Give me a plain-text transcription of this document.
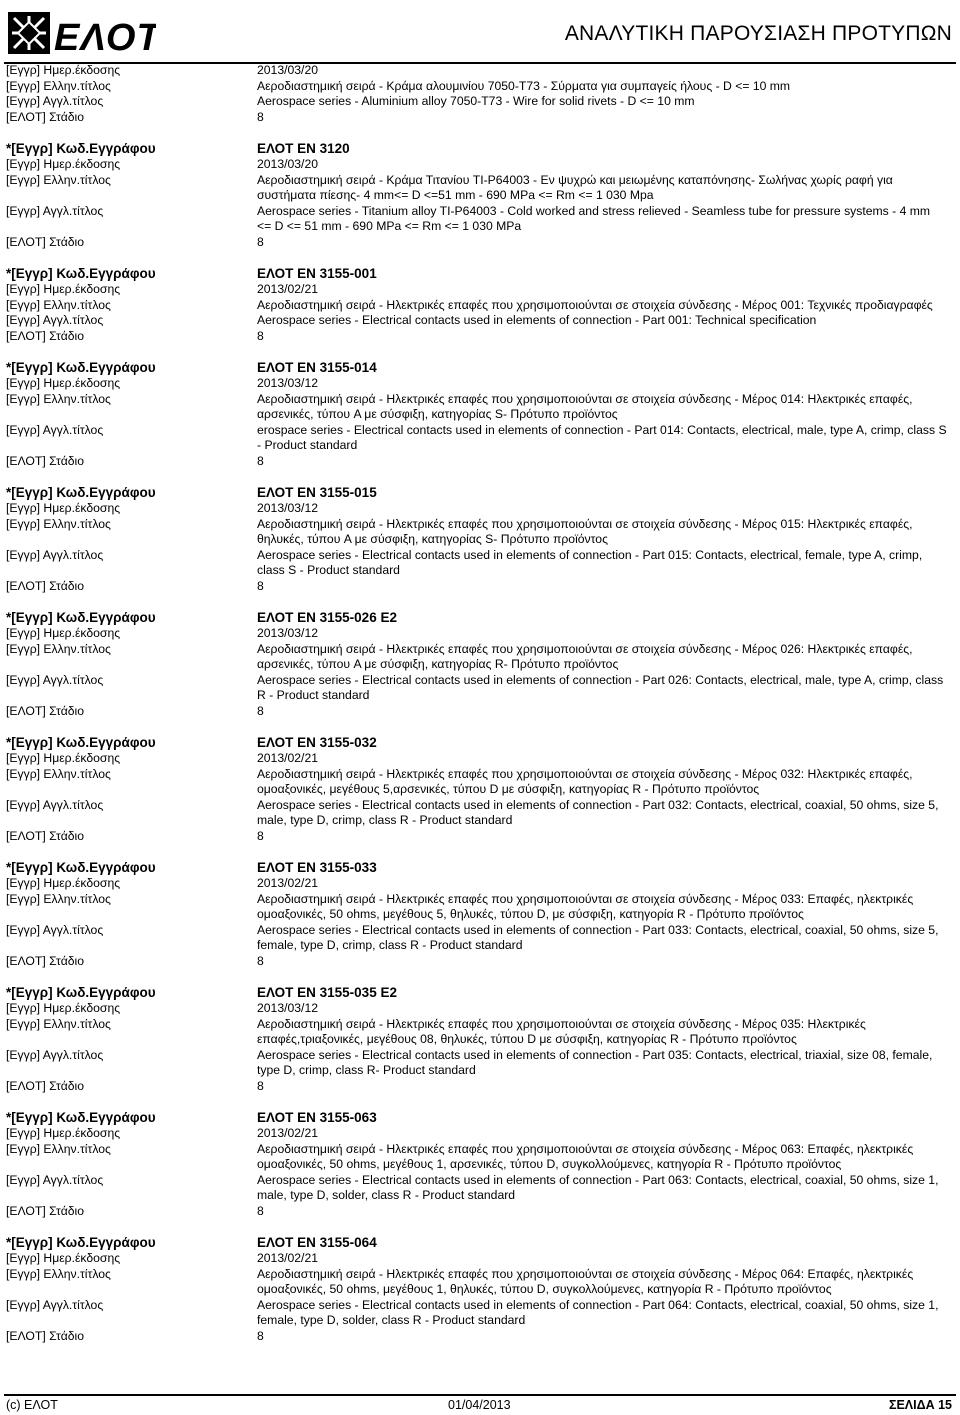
ΕΛΟΤ	ΑΝΑΛΥΤΙΚΗ ΠΑΡΟΥΣΙΑΣΗ ΠΡΟΤΥΠΩΝ
[Εγγρ] Ημερ.έκδοσης	2013/03/20
[Εγγρ] Ελλην.τίτλος	Αεροδιαστημική σειρά - Κράμα αλουμινίου 7050-T73 - Σύρματα για συμπαγείς ήλους - D <= 10 mm
[Εγγρ] Αγγλ.τίτλος	Aerospace series - Aluminium alloy 7050-T73 - Wire for solid rivets - D <= 10 mm
[ΕΛΟΤ] Στάδιο	8
*[Εγγρ] Κωδ.Εγγράφου	ΕΛΟΤ EN 3120
[Εγγρ] Ημερ.έκδοσης	2013/03/20
[Εγγρ] Ελλην.τίτλος	Αεροδιαστημική σειρά - Κράμα Τιτανίου TI-P64003 - Εν ψυχρώ και μειωμένης καταπόνησης- Σωλήνας χωρίς ραφή για συστήματα πίεσης- 4 mm<= D <=51 mm - 690 MPa <= Rm <= 1 030 Mpa
[Εγγρ] Αγγλ.τίτλος	Aerospace series - Titanium alloy TI-P64003 - Cold worked and stress relieved - Seamless tube for pressure systems - 4 mm <= D <= 51 mm - 690 MPa <= Rm <= 1 030 MPa
[ΕΛΟΤ] Στάδιο	8
*[Εγγρ] Κωδ.Εγγράφου	ΕΛΟΤ EN 3155-001
[Εγγρ] Ημερ.έκδοσης	2013/02/21
[Εγγρ] Ελλην.τίτλος	Αεροδιαστημική σειρά - Ηλεκτρικές επαφές που χρησιμοποιούνται σε στοιχεία σύνδεσης - Μέρος 001: Τεχνικές προδιαγραφές
[Εγγρ] Αγγλ.τίτλος	Aerospace series - Electrical contacts used in elements of connection - Part 001: Technical specification
[ΕΛΟΤ] Στάδιο	8
*[Εγγρ] Κωδ.Εγγράφου	ΕΛΟΤ EN 3155-014
[Εγγρ] Ημερ.έκδοσης	2013/03/12
[Εγγρ] Ελλην.τίτλος	Αεροδιαστημική σειρά - Ηλεκτρικές επαφές που χρησιμοποιούνται σε στοιχεία σύνδεσης - Μέρος 014: Ηλεκτρικές επαφές, αρσενικές, τύπου A με σύσφιξη, κατηγορίας S- Πρότυπο προϊόντος
[Εγγρ] Αγγλ.τίτλος	erospace series - Electrical contacts used in elements of connection - Part 014: Contacts, electrical, male, type A, crimp, class S - Product standard
[ΕΛΟΤ] Στάδιο	8
*[Εγγρ] Κωδ.Εγγράφου	ΕΛΟΤ EN 3155-015
[Εγγρ] Ημερ.έκδοσης	2013/03/12
[Εγγρ] Ελλην.τίτλος	Αεροδιαστημική σειρά - Ηλεκτρικές επαφές που χρησιμοποιούνται σε στοιχεία σύνδεσης - Μέρος 015: Ηλεκτρικές επαφές, θηλυκές, τύπου A με σύσφιξη, κατηγορίας S- Πρότυπο προϊόντος
[Εγγρ] Αγγλ.τίτλος	Aerospace series - Electrical contacts used in elements of connection - Part 015: Contacts, electrical, female, type A, crimp, class S - Product standard
[ΕΛΟΤ] Στάδιο	8
*[Εγγρ] Κωδ.Εγγράφου	ΕΛΟΤ EN 3155-026 E2
[Εγγρ] Ημερ.έκδοσης	2013/03/12
[Εγγρ] Ελλην.τίτλος	Αεροδιαστημική σειρά - Ηλεκτρικές επαφές που χρησιμοποιούνται σε στοιχεία σύνδεσης - Μέρος 026: Ηλεκτρικές επαφές, αρσενικές, τύπου A με σύσφιξη, κατηγορίας R- Πρότυπο προϊόντος
[Εγγρ] Αγγλ.τίτλος	Aerospace series - Electrical contacts used in elements of connection - Part 026: Contacts, electrical, male, type A, crimp, class R - Product standard
[ΕΛΟΤ] Στάδιο	8
*[Εγγρ] Κωδ.Εγγράφου	ΕΛΟΤ EN 3155-032
[Εγγρ] Ημερ.έκδοσης	2013/02/21
[Εγγρ] Ελλην.τίτλος	Αεροδιαστημική σειρά - Ηλεκτρικές επαφές που χρησιμοποιούνται σε στοιχεία σύνδεσης - Μέρος 032: Ηλεκτρικές επαφές, ομοαξονικές, μεγέθους 5,αρσενικές, τύπου D με σύσφιξη, κατηγορίας R - Πρότυπο προϊόντος
[Εγγρ] Αγγλ.τίτλος	Aerospace series - Electrical contacts used in elements of connection - Part 032: Contacts, electrical, coaxial, 50 ohms, size 5, male, type D, crimp, class R - Product standard
[ΕΛΟΤ] Στάδιο	8
*[Εγγρ] Κωδ.Εγγράφου	ΕΛΟΤ EN 3155-033
[Εγγρ] Ημερ.έκδοσης	2013/02/21
[Εγγρ] Ελλην.τίτλος	Αεροδιαστημική σειρά - Ηλεκτρικές επαφές που χρησιμοποιούνται σε στοιχεία σύνδεσης - Μέρος 033: Επαφές, ηλεκτρικές ομοαξονικές, 50 ohms, μεγέθους 5, θηλυκές, τύπου D, με σύσφιξη, κατηγορία R - Πρότυπο προϊόντος
[Εγγρ] Αγγλ.τίτλος	Aerospace series - Electrical contacts used in elements of connection - Part 033: Contacts, electrical, coaxial, 50 ohms, size 5, female, type D, crimp, class R - Product standard
[ΕΛΟΤ] Στάδιο	8
*[Εγγρ] Κωδ.Εγγράφου	ΕΛΟΤ EN 3155-035 E2
[Εγγρ] Ημερ.έκδοσης	2013/03/12
[Εγγρ] Ελλην.τίτλος	Αεροδιαστημική σειρά - Ηλεκτρικές επαφές που χρησιμοποιούνται σε στοιχεία σύνδεσης - Μέρος 035: Ηλεκτρικές επαφές,τριαξονικές, μεγέθους 08, θηλυκές, τύπου D με σύσφιξη, κατηγορίας R - Πρότυπο προϊόντος
[Εγγρ] Αγγλ.τίτλος	Aerospace series - Electrical contacts used in elements of connection - Part 035: Contacts, electrical, triaxial, size 08, female, type D, crimp, class R- Product standard
[ΕΛΟΤ] Στάδιο	8
*[Εγγρ] Κωδ.Εγγράφου	ΕΛΟΤ EN 3155-063
[Εγγρ] Ημερ.έκδοσης	2013/02/21
[Εγγρ] Ελλην.τίτλος	Αεροδιαστημική σειρά - Ηλεκτρικές επαφές που χρησιμοποιούνται σε στοιχεία σύνδεσης - Μέρος 063: Επαφές, ηλεκτρικές ομοαξονικές, 50 ohms, μεγέθους 1, αρσενικές, τύπου D, συγκολλούμενες, κατηγορία R - Πρότυπο προϊόντος
[Εγγρ] Αγγλ.τίτλος	Aerospace series - Electrical contacts used in elements of connection - Part 063: Contacts, electrical, coaxial, 50 ohms, size 1, male, type D, solder, class R - Product standard
[ΕΛΟΤ] Στάδιο	8
*[Εγγρ] Κωδ.Εγγράφου	ΕΛΟΤ EN 3155-064
[Εγγρ] Ημερ.έκδοσης	2013/02/21
[Εγγρ] Ελλην.τίτλος	Αεροδιαστημική σειρά - Ηλεκτρικές επαφές που χρησιμοποιούνται σε στοιχεία σύνδεσης - Μέρος 064: Επαφές, ηλεκτρικές ομοαξονικές, 50 ohms, μεγέθους 1, θηλυκές, τύπου D, συγκολλούμενες, κατηγορία R - Πρότυπο προϊόντος
[Εγγρ] Αγγλ.τίτλος	Aerospace series - Electrical contacts used in elements of connection - Part 064: Contacts, electrical, coaxial, 50 ohms, size 1, female, type D, solder, class R - Product standard
[ΕΛΟΤ] Στάδιο	8
(c) ΕΛΟΤ	01/04/2013	ΣΕΛΙΔΑ 15
